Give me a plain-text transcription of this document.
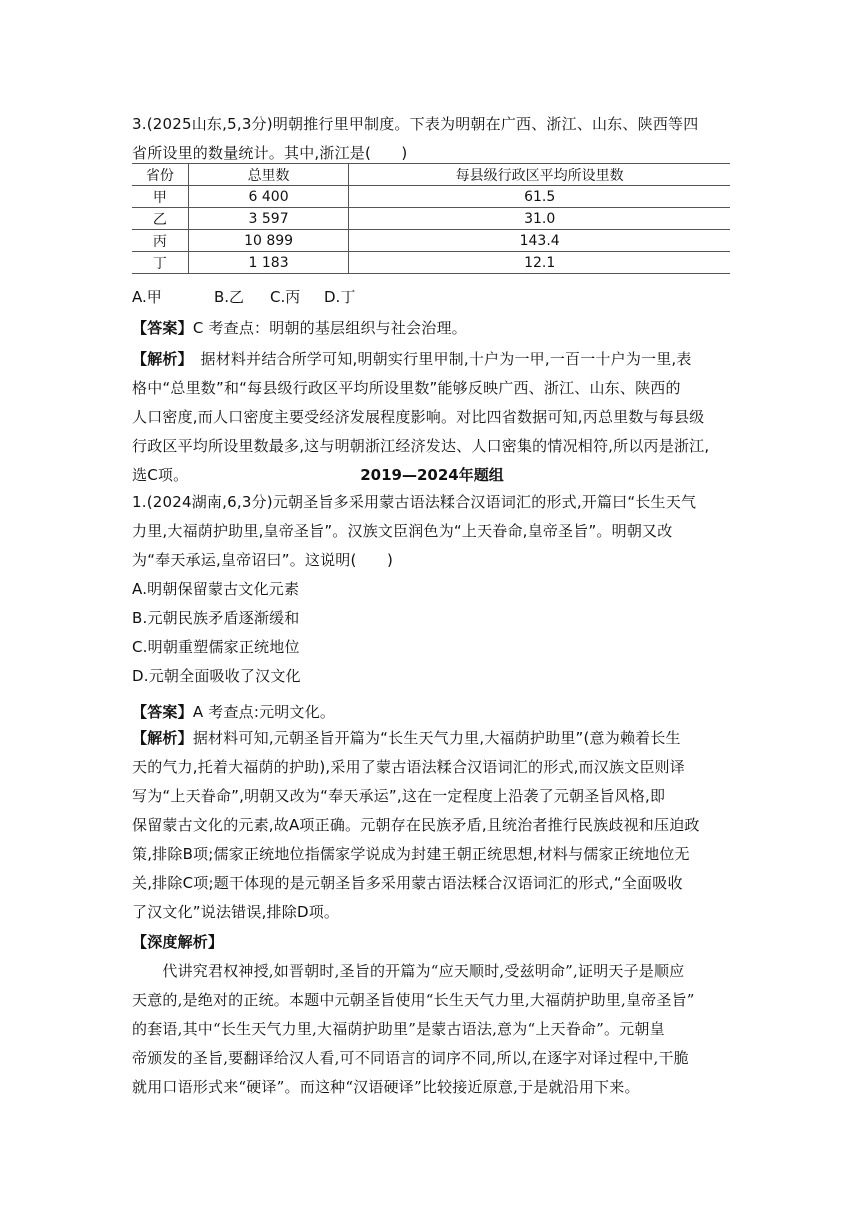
3.(2025山东,5,3分)明朝推行里甲制度。下表为明朝在广西、浙江、山东、陕西等四
省所设里的数量统计。其中,浙江是(　　)

省份	总里数	每县级行政区平均所设里数
甲	6 400	61.5
乙	3 597	31.0
丙	10 899	143.4
丁	1 183	12.1
A.甲	B.乙 C.丙 D.丁

【答案】C 考查点：明朝的基层组织与社会治理。

【解析】　据材料并结合所学可知,明朝实行里甲制,十户为一甲,一百一十户为一里,表
格中“总里数”和“每县级行政区平均所设里数”能够反映广西、浙江、山东、陕西的
人口密度,而人口密度主要受经济发展程度影响。对比四省数据可知,丙总里数与每县级
行政区平均所设里数最多,这与明朝浙江经济发达、人口密集的情况相符,所以丙是浙江,
选C项。	2019—2024年题组

1.(2024湖南,6,3分)元朝圣旨多采用蒙古语法糅合汉语词汇的形式,开篇曰“长生天气
力里,大福荫护助里,皇帝圣旨”。汉族文臣润色为“上天眷命,皇帝圣旨”。明朝又改
为“奉天承运,皇帝诏曰”。这说明(　　)

A.明朝保留蒙古文化元素
B.元朝民族矛盾逐渐缓和
C.明朝重塑儒家正统地位
D.元朝全面吸收了汉文化

【答案】A 考查点:元明文化。

【解析】据材料可知,元朝圣旨开篇为“长生天气力里,大福荫护助里”(意为赖着长生
天的气力,托着大福荫的护助),采用了蒙古语法糅合汉语词汇的形式,而汉族文臣则译
写为“上天眷命”,明朝又改为“奉天承运”,这在一定程度上沿袭了元朝圣旨风格,即
保留蒙古文化的元素,故A项正确。元朝存在民族矛盾,且统治者推行民族歧视和压迫政
策,排除B项;儒家正统地位指儒家学说成为封建王朝正统思想,材料与儒家正统地位无
关,排除C项;题干体现的是元朝圣旨多采用蒙古语法糅合汉语词汇的形式,“全面吸收
了汉文化”说法错误,排除D项。

【深度解析】

　　代讲究君权神授,如晋朝时,圣旨的开篇为“应天顺时,受兹明命”,证明天子是顺应
天意的,是绝对的正统。本题中元朝圣旨使用“长生天气力里,大福荫护助里,皇帝圣旨”
的套语,其中“长生天气力里,大福荫护助里”是蒙古语法,意为“上天眷命”。元朝皇
帝颁发的圣旨,要翻译给汉人看,可不同语言的词序不同,所以,在逐字对译过程中,干脆
就用口语形式来“硬译”。而这种“汉语硬译”比较接近原意,于是就沿用下来。
